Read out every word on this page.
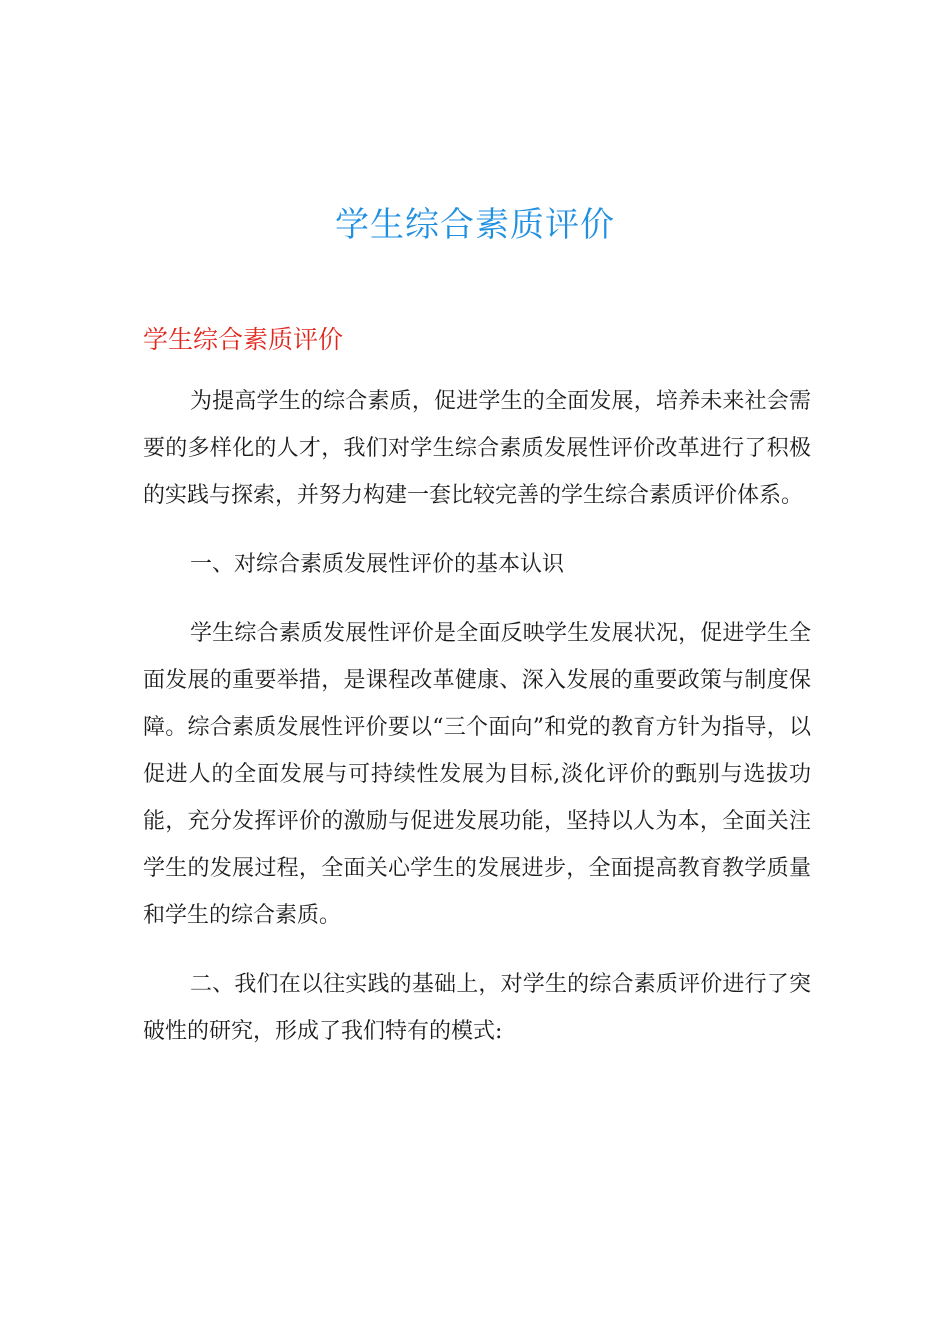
学生综合素质评价
学生综合素质评价

为提高学生的综合素质，促进学生的全面发展，培养未来社会需要的多样化的人才，我们对学生综合素质发展性评价改革进行了积极的实践与探索，并努力构建一套比较完善的学生综合素质评价体系。

一、对综合素质发展性评价的基本认识

学生综合素质发展性评价是全面反映学生发展状况，促进学生全面发展的重要举措，是课程改革健康、深入发展的重要政策与制度保障。综合素质发展性评价要以“三个面向”和党的教育方针为指导，以促进人的全面发展与可持续性发展为目标,淡化评价的甄别与选拔功能，充分发挥评价的激励与促进发展功能，坚持以人为本，全面关注学生的发展过程，全面关心学生的发展进步，全面提高教育教学质量和学生的综合素质。

二、我们在以往实践的基础上，对学生的综合素质评价进行了突破性的研究，形成了我们特有的模式:
